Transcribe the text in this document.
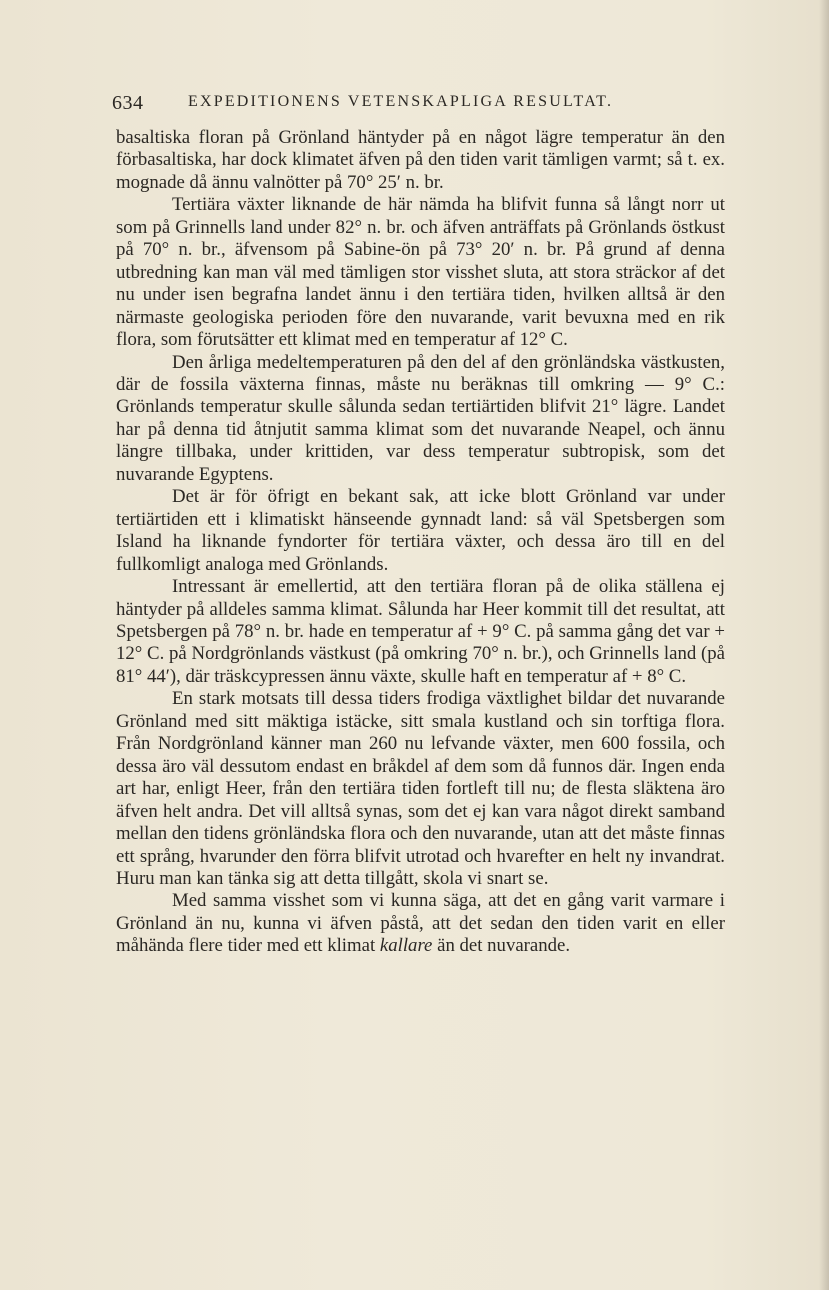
634	EXPEDITIONENS VETENSKAPLIGA RESULTAT.

basaltiska floran på Grönland häntyder på en något lägre temperatur än den förbasaltiska, har dock klimatet äfven på den tiden varit tämligen varmt; så t. ex. mognade då ännu valnötter på 70° 25′ n. br.

Tertiära växter liknande de här nämda ha blifvit funna så långt norr ut som på Grinnells land under 82° n. br. och äfven anträffats på Grönlands östkust på 70° n. br., äfvensom på Sabine-ön på 73° 20′ n. br. På grund af denna utbredning kan man väl med tämligen stor visshet sluta, att stora sträckor af det nu under isen begrafna landet ännu i den tertiära tiden, hvilken alltså är den närmaste geologiska perioden före den nuvarande, varit bevuxna med en rik flora, som förutsätter ett klimat med en temperatur af 12° C.

Den årliga medeltemperaturen på den del af den grönländska västkusten, där de fossila växterna finnas, måste nu beräknas till omkring — 9° C.: Grönlands temperatur skulle sålunda sedan tertiärtiden blifvit 21° lägre. Landet har på denna tid åtnjutit samma klimat som det nuvarande Neapel, och ännu längre tillbaka, under krittiden, var dess temperatur subtropisk, som det nuvarande Egyptens.

Det är för öfrigt en bekant sak, att icke blott Grönland var under tertiärtiden ett i klimatiskt hänseende gynnadt land: så väl Spetsbergen som Island ha liknande fyndorter för tertiära växter, och dessa äro till en del fullkomligt analoga med Grönlands.

Intressant är emellertid, att den tertiära floran på de olika ställena ej häntyder på alldeles samma klimat. Sålunda har Heer kommit till det resultat, att Spetsbergen på 78° n. br. hade en temperatur af + 9° C. på samma gång det var + 12° C. på Nordgrönlands västkust (på omkring 70° n. br.), och Grinnells land (på 81° 44′), där träskcypressen ännu växte, skulle haft en temperatur af + 8° C.

En stark motsats till dessa tiders frodiga växtlighet bildar det nuvarande Grönland med sitt mäktiga istäcke, sitt smala kustland och sin torftiga flora. Från Nordgrönland känner man 260 nu lefvande växter, men 600 fossila, och dessa äro väl dessutom endast en bråkdel af dem som då funnos där. Ingen enda art har, enligt Heer, från den tertiära tiden fortleft till nu; de flesta släktena äro äfven helt andra. Det vill alltså synas, som det ej kan vara något direkt samband mellan den tidens grönländska flora och den nuvarande, utan att det måste finnas ett språng, hvarunder den förra blifvit utrotad och hvarefter en helt ny invandrat. Huru man kan tänka sig att detta tillgått, skola vi snart se.

Med samma visshet som vi kunna säga, att det en gång varit varmare i Grönland än nu, kunna vi äfven påstå, att det sedan den tiden varit en eller måhända flere tider med ett klimat kallare än det nuvarande.
